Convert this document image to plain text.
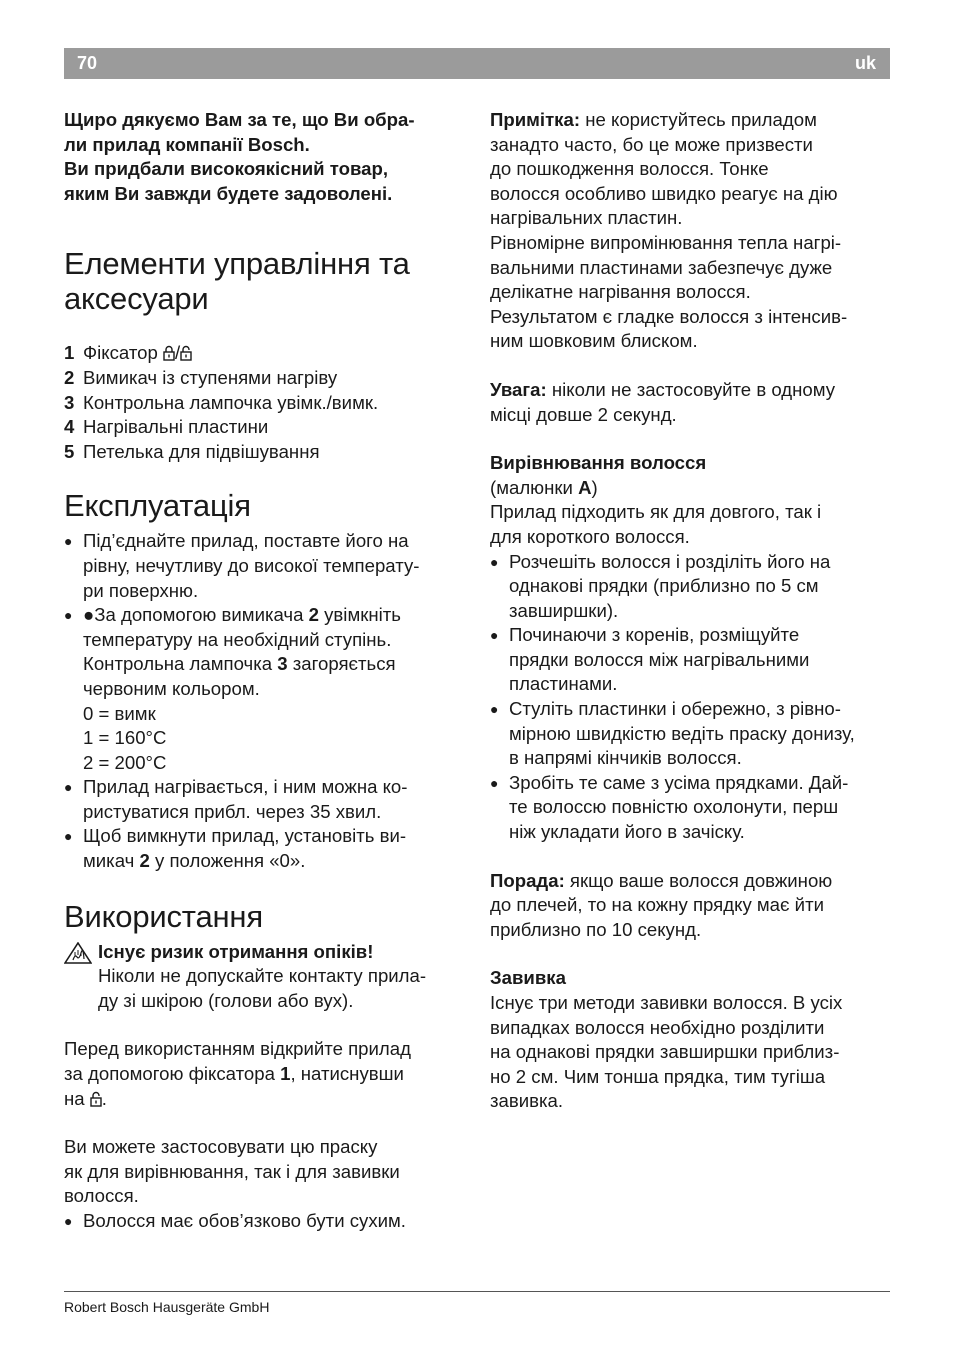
70	uk

Щиро дякуємо Вам за те, що Ви обра-

ли прилад компанії Bosch.

Ви придбали високоякісний товар,

яким Ви завжди будете задоволені.

Елементи управління та
аксесуари
1 Фіксатор /
2 Вимикач із ступенями нагріву
3 Контрольна лампочка увімк./вимк.
4 Нагрівальні пластини
5 Петелька для підвішування
Експлуатація
● Під’єднайте прилад, поставте його на
рівну, нечутливу до високої температу-
ри поверхню.
● ●За допомогою вимикача 2 увімкніть
температуру на необхідний ступінь.
Контрольна лампочка 3 загоряється
червоним кольором.
0 = вимк
1 = 160°C
2 = 200°C
● Прилад нагрівається, і ним можна ко-
ристуватися прибл. через 35 хвил.
● Щоб вимкнути прилад, установіть ви-
микач 2 у положення «0».
Використання
Існує ризик отримання опіків!
Ніколи не допускайте контакту прила-
ду зі шкірою (голови або вух).

Перед використанням відкрийте прилад

за допомогою фіксатора 1, натиснувши

на .

Ви можете застосовувати цю праску

як для вирівнювання, так і для завивки

волосся.

● Волосся має обов’язково бути сухим.

Примітка: не користуйтесь приладом

занадто часто, бо це може призвести

до пошкодження волосся. Тонке

волосся особливо швидко реагує на дію

нагрівальних пластин.

Рівномірне випромінювання тепла нагрі-

вальними пластинами забезпечує дуже

делікатне нагрівання волосся.

Результатом є гладке волосся з інтенсив-

ним шовковим блиском.

Увага: ніколи не застосовуйте в одному

місці довше 2 секунд.

Вирівнювання волосся

(малюнки A)

Прилад підходить як для довгого, так і

для короткого волосся.

● Розчешіть волосся і розділіть його на
однакові прядки (приблизно по 5 см
завширшки).
● Починаючи з коренів, розміщуйте
прядки волосся між нагрівальними
пластинами.
● Стуліть пластинки і обережно, з рівно-
мірною швидкістю ведіть праску донизу,
в напрямі кінчиків волосся.
● Зробіть те саме з усіма прядками. Дай-
те волоссю повністю охолонути, перш
ніж укладати його в зачіску.

Порада: якщо ваше волосся довжиною

до плечей, то на кожну прядку має йти

приблизно по 10 секунд.

Завивка

Існує три методи завивки волосся. В усіх

випадках волосся необхідно розділити

на однакові прядки завширшки приблиз-

но 2 см. Чим тонша прядка, тим тугіша

завивка.

Robert Bosch Hausgeräte GmbH
